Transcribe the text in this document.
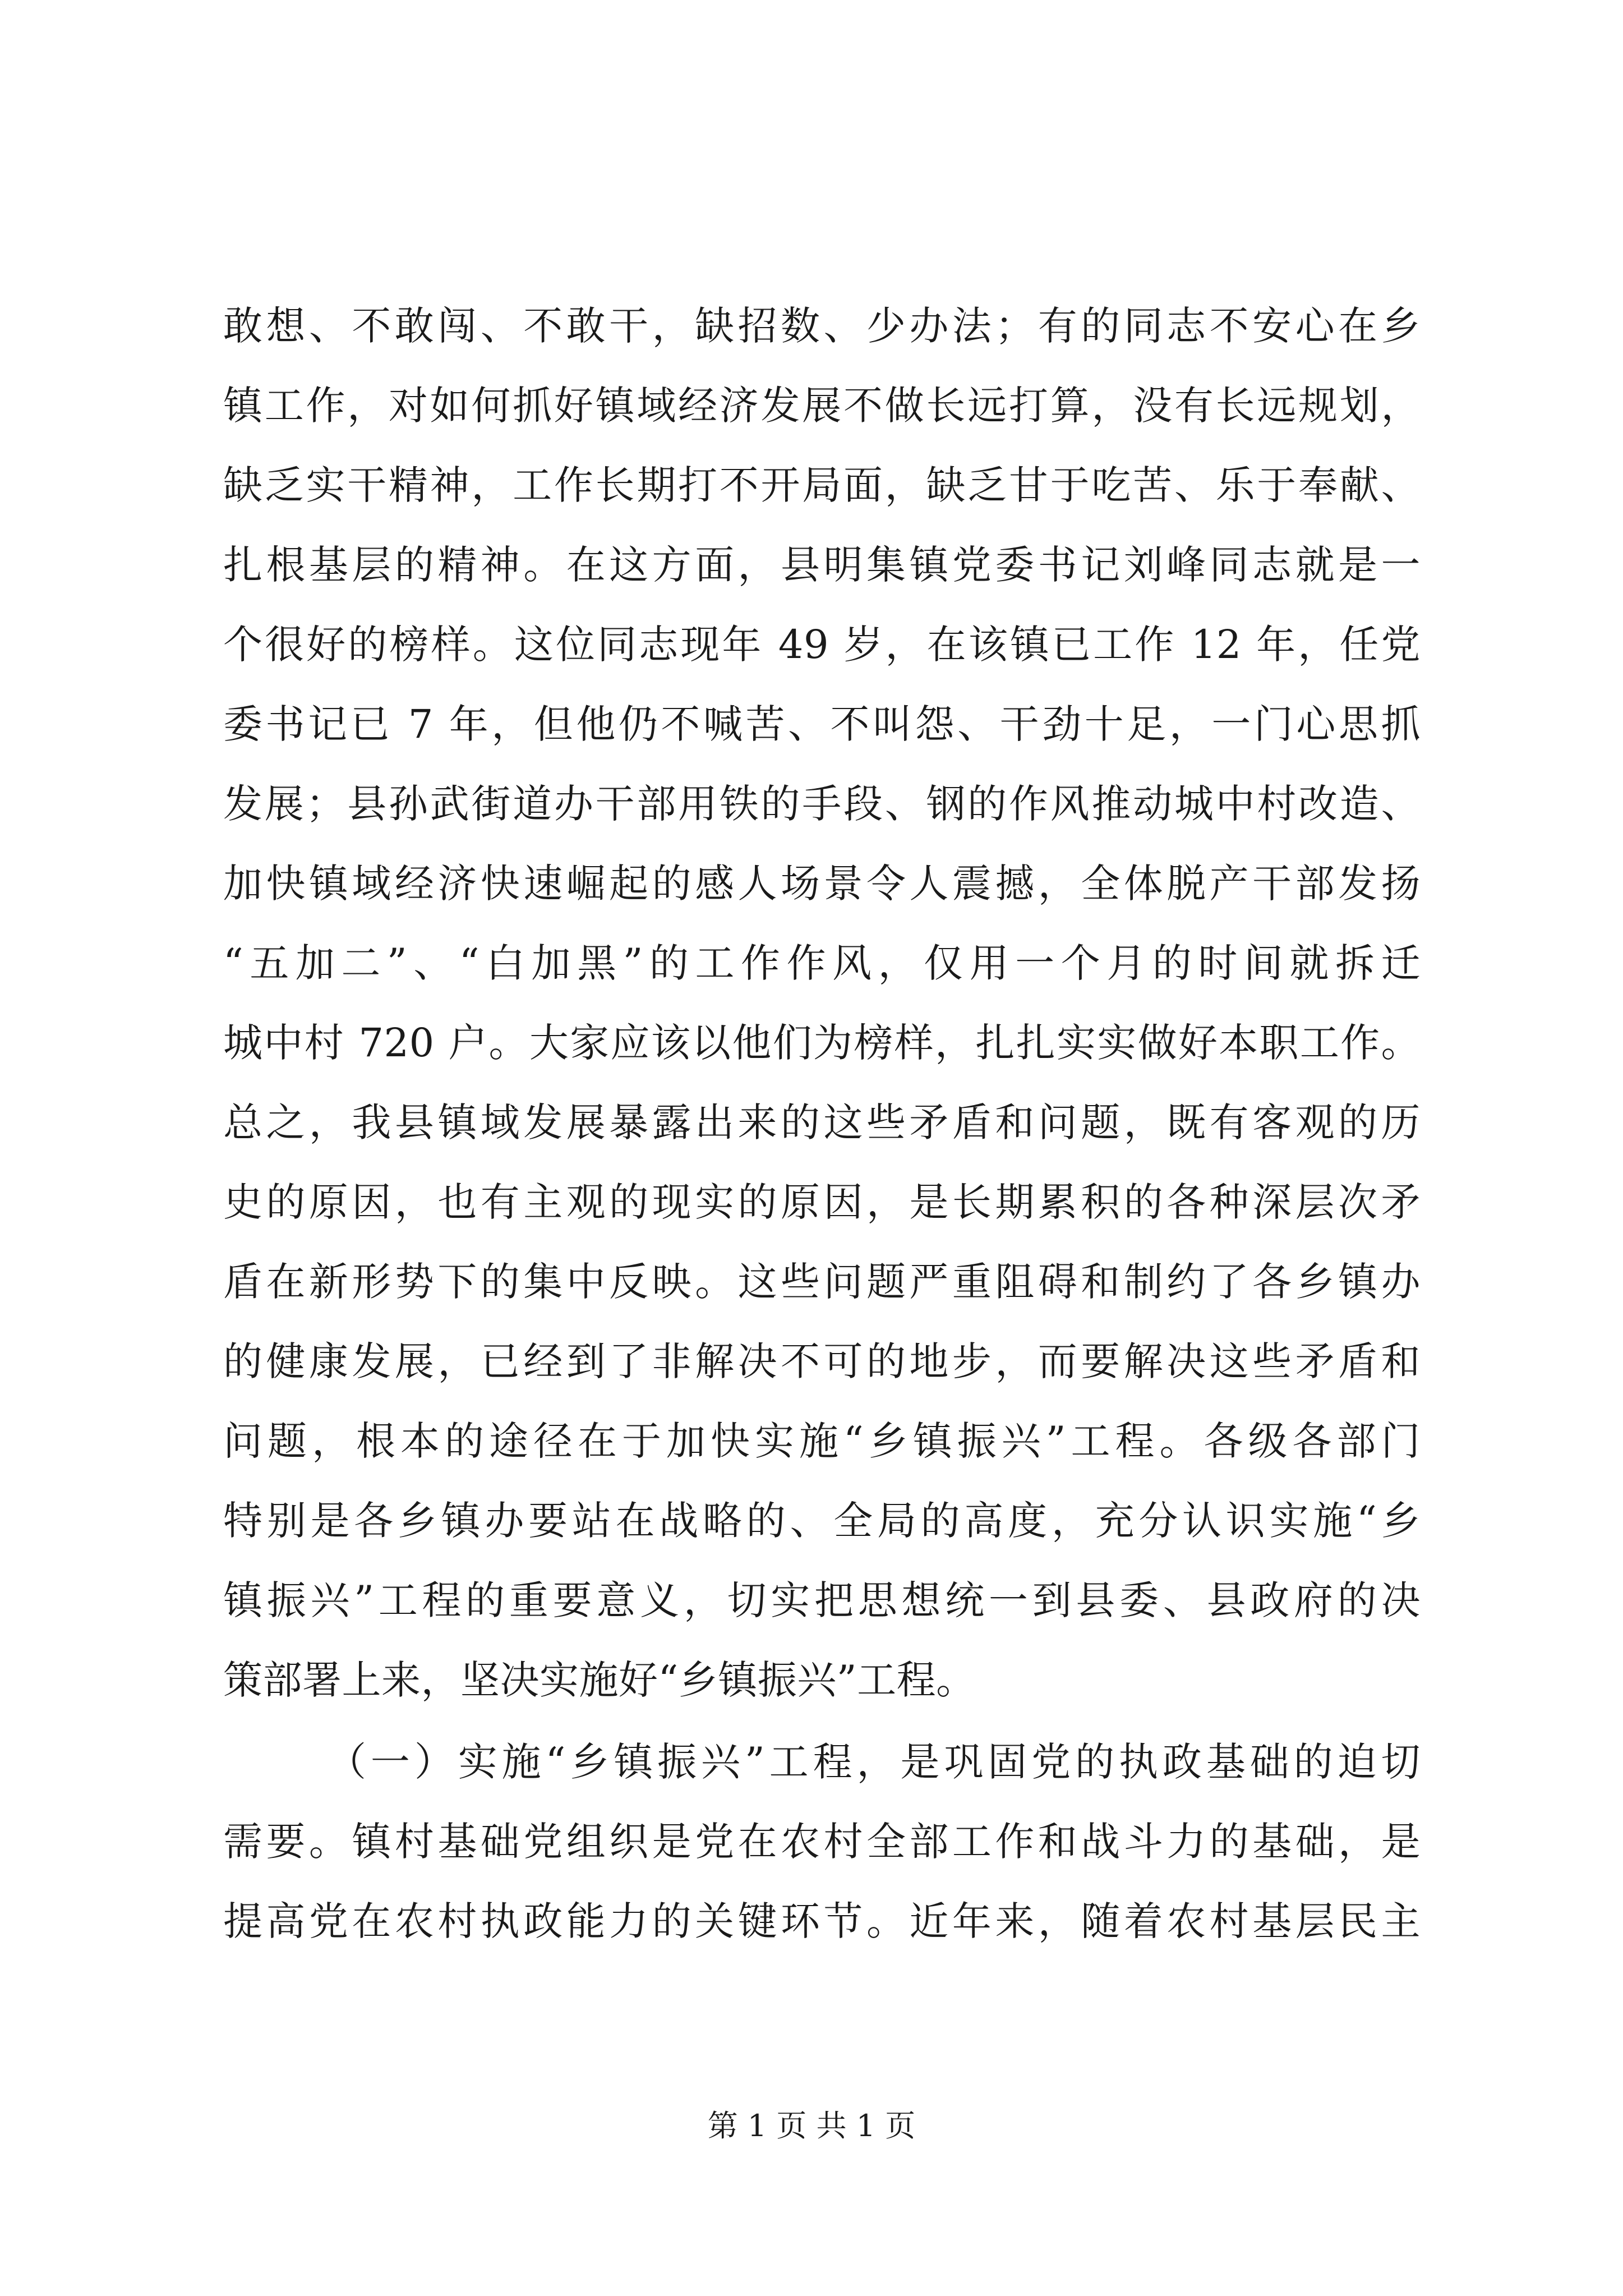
敢想、不敢闯、不敢干，缺招数、少办法；有的同志不安心在乡
镇工作，对如何抓好镇域经济发展不做长远打算，没有长远规划，
缺乏实干精神，工作长期打不开局面，缺乏甘于吃苦、乐于奉献、
扎根基层的精神。在这方面，县明集镇党委书记刘峰同志就是一
个很好的榜样。这位同志现年 49 岁，在该镇已工作 12 年，任党
委书记已 7 年，但他仍不喊苦、不叫怨、干劲十足，一门心思抓
发展；县孙武街道办干部用铁的手段、钢的作风推动城中村改造、
加快镇域经济快速崛起的感人场景令人震撼，全体脱产干部发扬
“五加二”、“白加黑”的工作作风，仅用一个月的时间就拆迁
城中村 720 户。大家应该以他们为榜样，扎扎实实做好本职工作。
总之，我县镇域发展暴露出来的这些矛盾和问题，既有客观的历
史的原因，也有主观的现实的原因，是长期累积的各种深层次矛
盾在新形势下的集中反映。这些问题严重阻碍和制约了各乡镇办
的健康发展，已经到了非解决不可的地步，而要解决这些矛盾和
问题，根本的途径在于加快实施“乡镇振兴”工程。各级各部门
特别是各乡镇办要站在战略的、全局的高度，充分认识实施“乡
镇振兴”工程的重要意义，切实把思想统一到县委、县政府的决
策部署上来，坚决实施好“乡镇振兴”工程。
（一）实施“乡镇振兴”工程，是巩固党的执政基础的迫切
需要。镇村基础党组织是党在农村全部工作和战斗力的基础，是
提高党在农村执政能力的关键环节。近年来，随着农村基层民主
第 1 页 共 1 页
